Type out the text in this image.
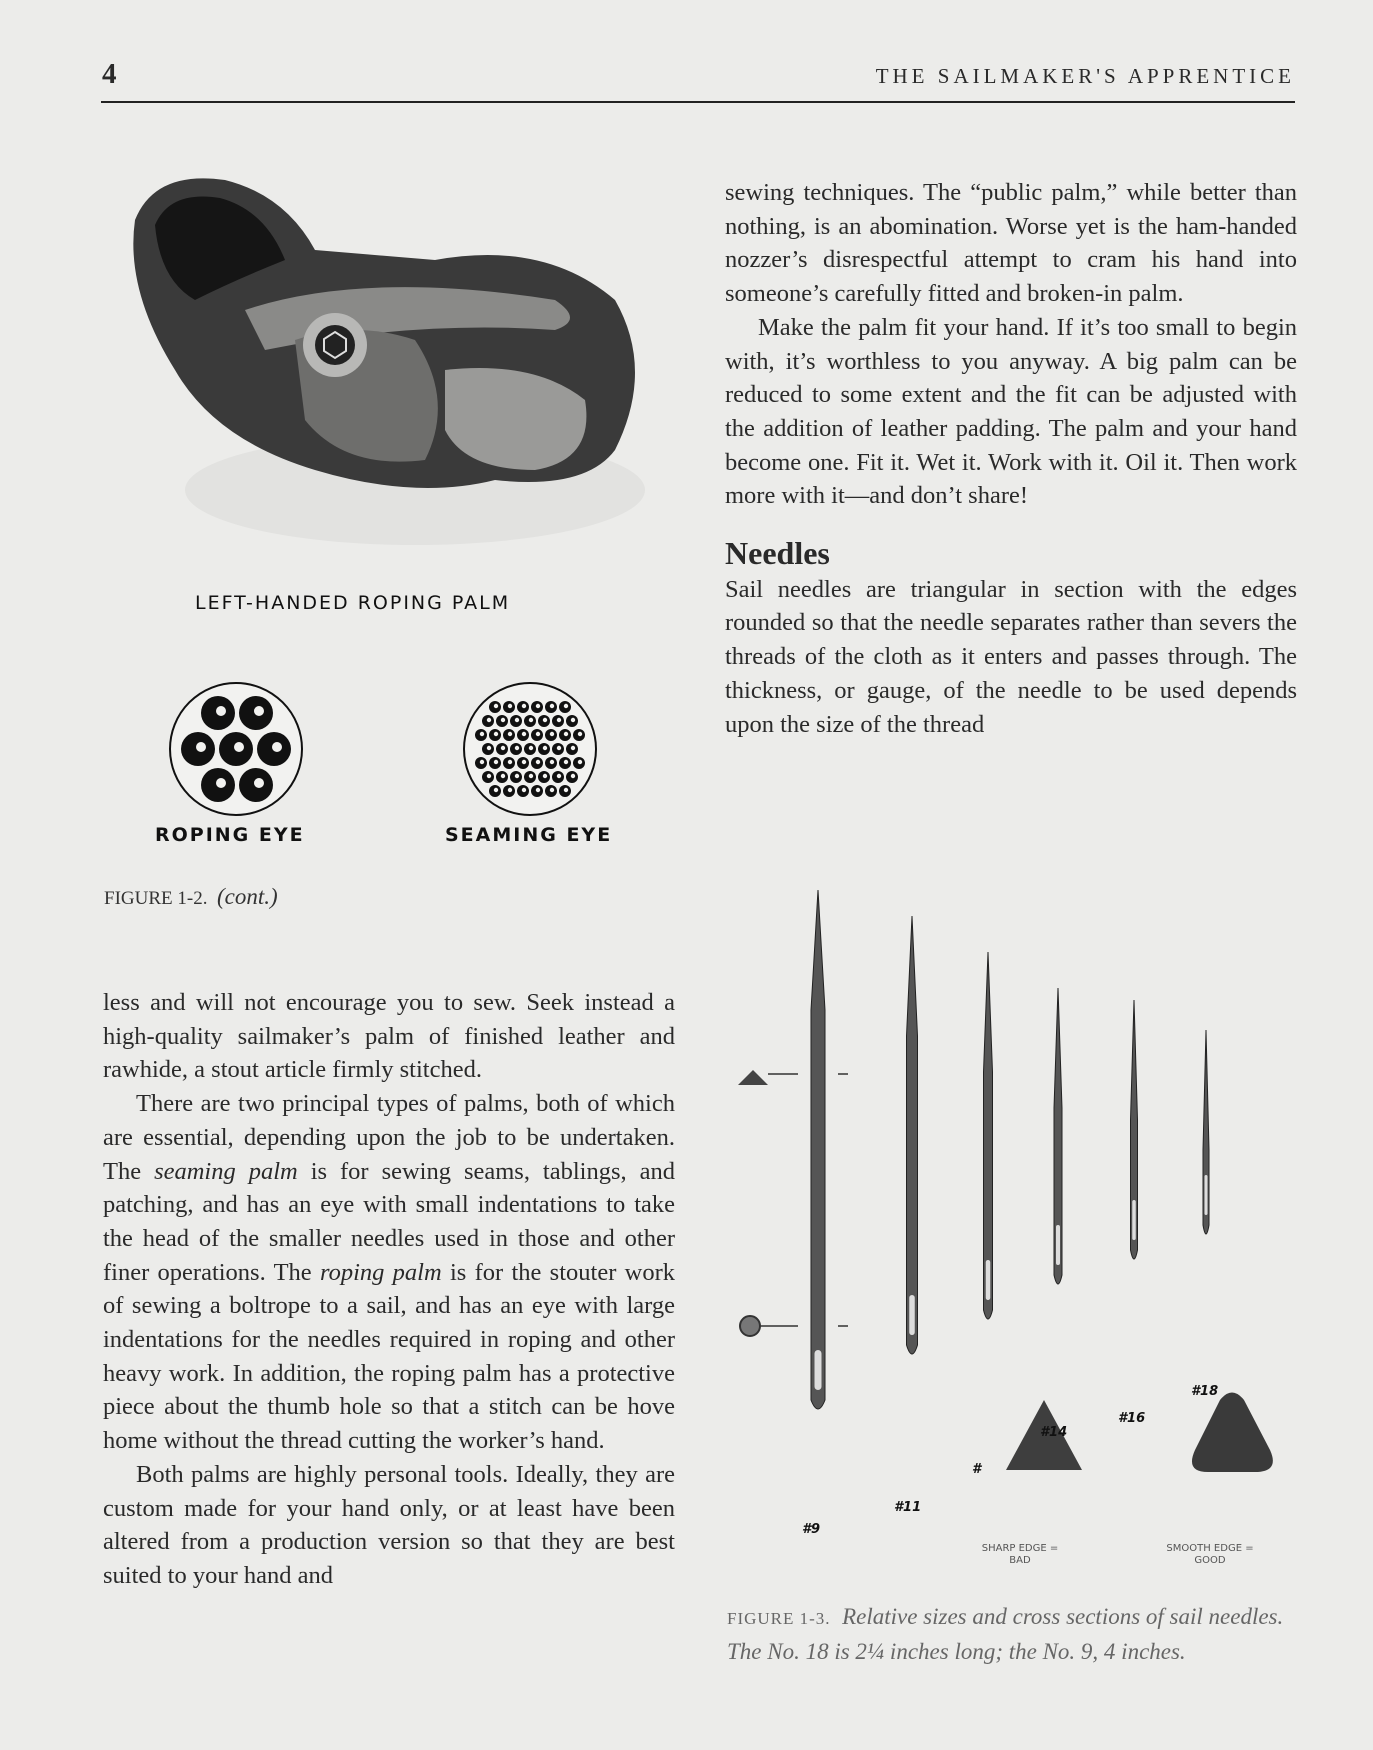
4	THE SAILMAKER'S APPRENTICE
LEFT-HANDED ROPING PALM
ROPING EYE	SEAMING EYE
FIGURE 1-2. (cont.)

sewing techniques. The “public palm,” while better than nothing, is an abomination. Worse yet is the ham-handed nozzer’s disrespectful attempt to cram his hand into someone’s carefully fitted and broken-in palm.

Make the palm fit your hand. If it’s too small to begin with, it’s worthless to you anyway. A big palm can be reduced to some extent and the fit can be adjusted with the addition of leather padding. The palm and your hand become one. Fit it. Wet it. Work with it. Oil it. Then work more with it—and don’t share!

Needles

Sail needles are triangular in section with the edges rounded so that the needle separates rather than severs the threads of the cloth as it enters and passes through. The thickness, or gauge, of the needle to be used depends upon the size of the thread

less and will not encourage you to sew. Seek instead a high-quality sailmaker’s palm of finished leather and rawhide, a stout article firmly stitched.

There are two principal types of palms, both of which are essential, depending upon the job to be undertaken. The seaming palm is for sewing seams, tablings, and patching, and has an eye with small indentations to take the head of the smaller needles used in those and other finer operations. The roping palm is for the stouter work of sewing a boltrope to a sail, and has an eye with large indentations for the needles required in roping and other heavy work. In addition, the roping palm has a protective piece about the thumb hole so that a stitch can be hove home without the thread cutting the worker’s hand.

Both palms are highly personal tools. Ideally, they are custom made for your hand only, or at least have been altered from a production version so that they are best suited to your hand and

#9
#11
#
#14
#16
#18
SHARP EDGE = BAD
SMOOTH EDGE = GOOD
FIGURE 1-3. Relative sizes and cross sections of sail needles. The No. 18 is 2¼ inches long; the No. 9, 4 inches.
